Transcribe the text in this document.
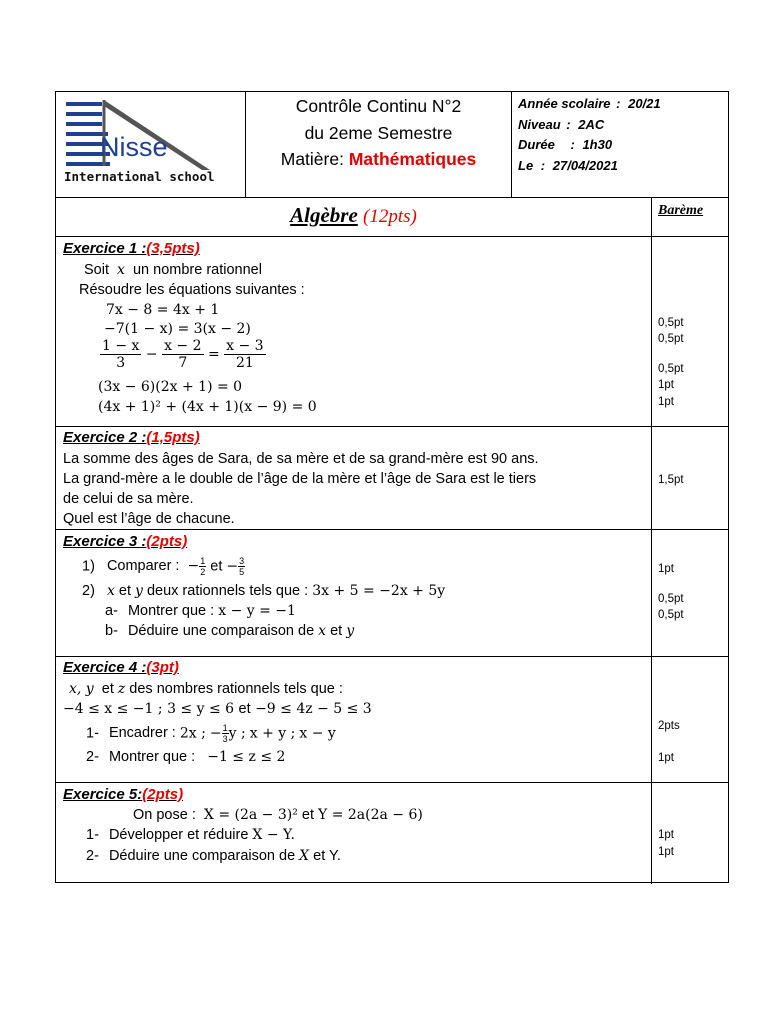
Nisse
International school
Contrôle Continu N°2
du 2eme Semestre
Matière: Mathématiques
Année scolaire : 20/21
Niveau : 2AC
Durée : 1h30
Le : 27/04/2021
Algèbre (12pts)	Barème
Exercice 1 :(3,5pts)
Soit x un nombre rationnel
Résoudre les équations suivantes :
7x − 8 = 4x + 1
−7(1 − x) = 3(x − 2)
$\frac{1 - x}{3} - \frac{x - 2}{7} = \frac{x - 3}{21}$
(3x − 6)(2x + 1) = 0
(4x + 1)² + (4x + 1)(x − 9) = 0
0,5pt
0,5pt
0,5pt
1pt
1pt
Exercice 2 :(1,5pts)
La somme des âges de Sara, de sa mère et de sa grand-mère est 90 ans.
La grand-mère a le double de l’âge de la mère et l’âge de Sara est le tiers
de celui de sa mère.
Quel est l’âge de chacune.
1,5pt
Exercice 3 :(2pts)
1) Comparer : − $\frac{1}{2}$ et − $\frac{3}{5}$
2) x et y deux rationnels tels que : 3x + 5 = −2x + 5y
a- Montrer que : x − y = −1
b- Déduire une comparaison de x et y
1pt
0,5pt
0,5pt
Exercice 4 :(3pt)
x, y et z des nombres rationnels tels que :
−4 ≤ x ≤ −1 ; 3 ≤ y ≤ 6 et −9 ≤ 4z − 5 ≤ 3
1- Encadrer : 2x ; − $\frac{1}{3}$ y ; x + y ; x − y
2- Montrer que : −1 ≤ z ≤ 2
2pts
1pt
Exercice 5:(2pts)
On pose : X = (2a − 3)² et Y = 2a(2a − 6)
1- Développer et réduire X − Y.
2- Déduire une comparaison de X et Y.
1pt
1pt
